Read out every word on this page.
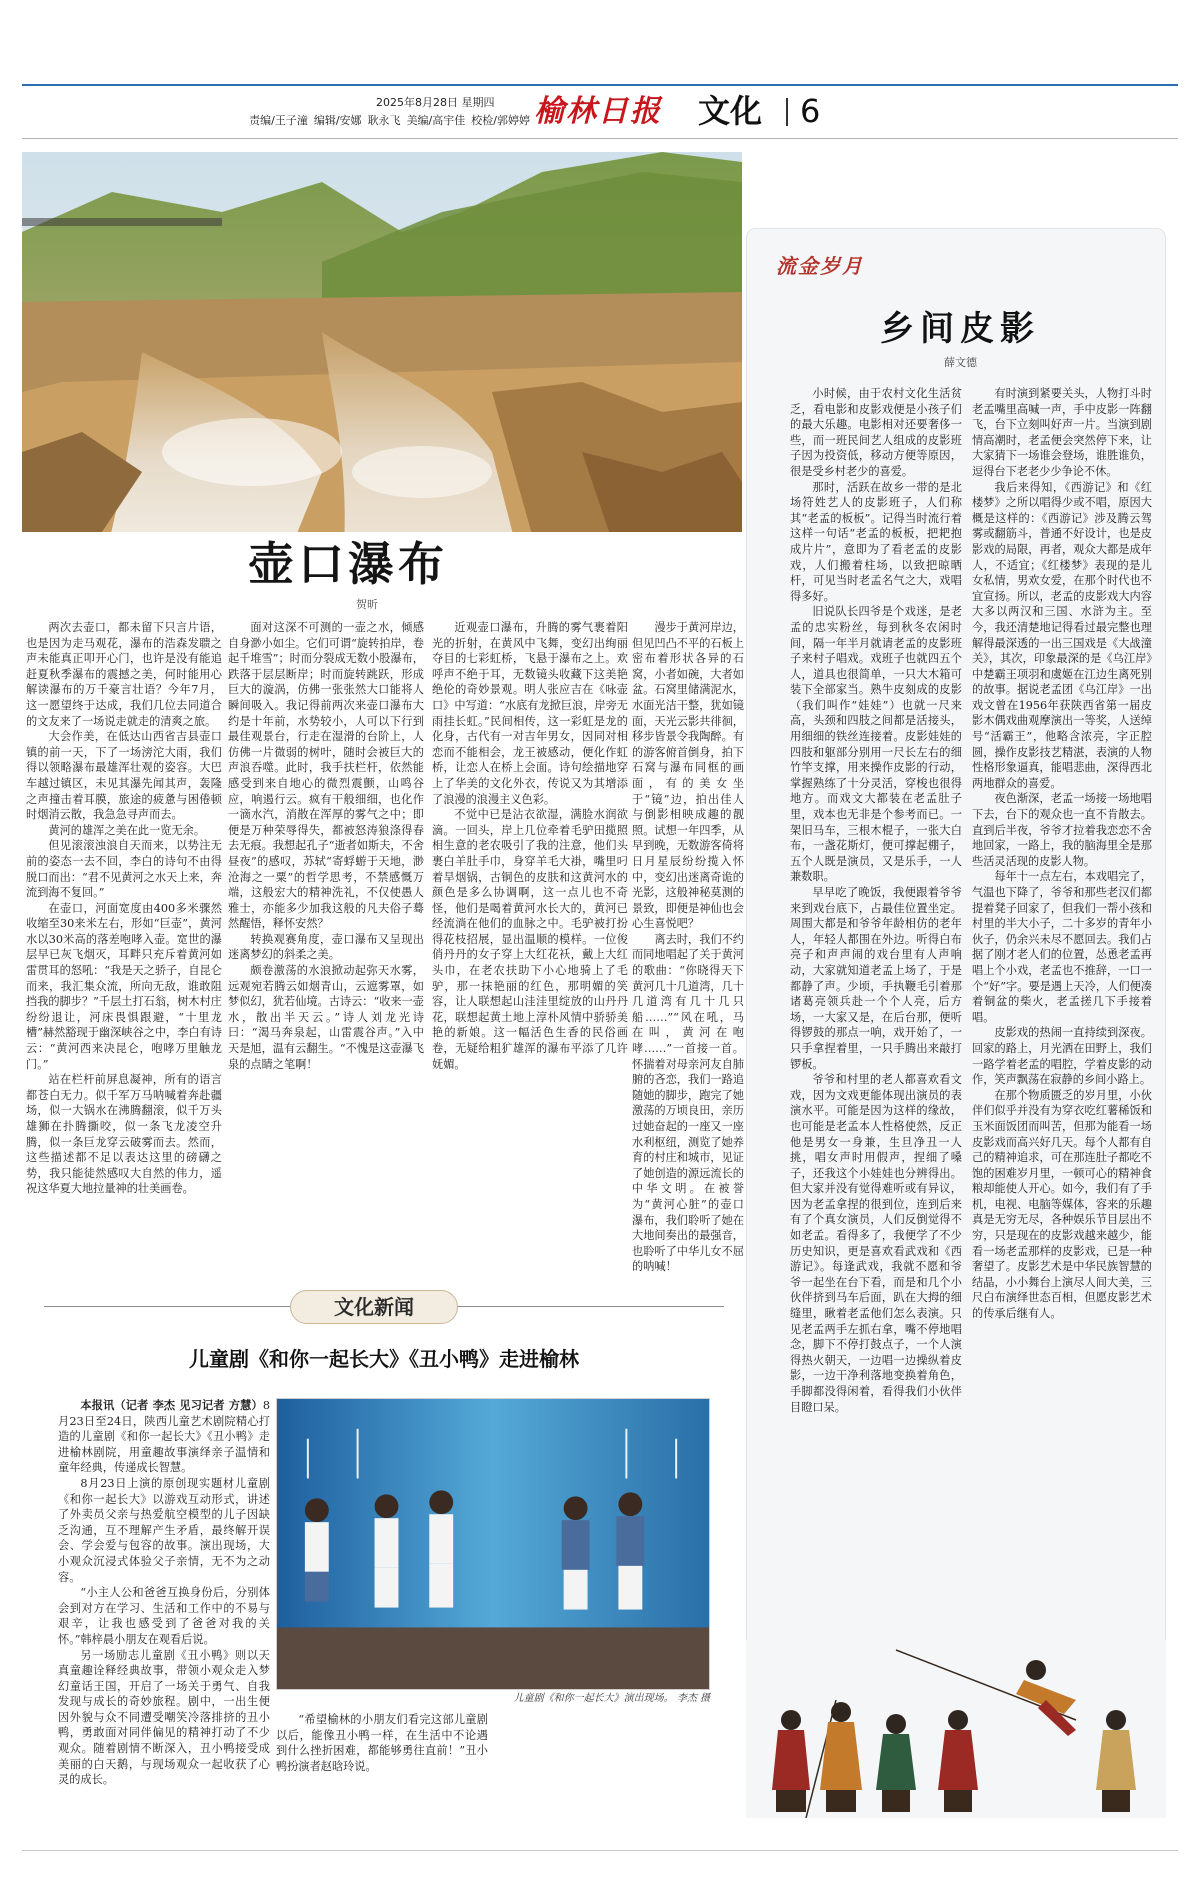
2025年8月28日 星期四
责编/王子潼 编辑/安娜 耿永飞 美编/高宇佳 校检/郭婷婷 榆林日报 文化 6
壶口瀑布
贺昕

两次去壶口，都未留下只言片语，也是因为走马观花，瀑布的浩森发聩之声未能真正叩开心门，也许是没有能追赶夏秋季瀑布的震撼之美，何时能用心解读瀑布的万千豪言壮语？今年7月，这一愿望终于达成，我们几位去同道合的文友来了一场说走就走的清爽之旅。

大会作美，在低达山西省吉县壶口镇的前一天，下了一场滂沱大雨，我们得以领略瀑布最雄浑壮观的姿容。大巴车越过镇区，未见其瀑先闻其声，轰隆之声撞击着耳膜，旅途的疲惫与困倦顿时烟消云散，我急急寻声而去。

黄河的雄浑之美在此一览无余。

但见滚滚浊浪自天而来，以势注无前的姿态一去不回，李白的诗句不由得脱口而出：“君不见黄河之水天上来，奔流到海不复回。”

在壶口，河面宽度由400多米骤然收缩至30来米左右，形如“巨壶”，黄河水以30米高的落差咆哮入壶。宽世的瀑层早已灰飞烟灭，耳畔只充斥着黄河如雷贯耳的怒吼：“我是天之骄子，自昆仑而来，我汇集众流，所向无敌，谁敢阻挡我的脚步？”千层土打石翁，树木村庄纷纷退让，河床畏惧跟避，“十里龙槽”赫然豁现于幽深峡谷之中，李白有诗云：“黄河西来决昆仑，咆哮万里触龙门。”

站在栏杆前屏息凝神，所有的语言都苍白无力。似千军万马呐喊着奔赴疆场，似一大锅水在沸腾翻滚，似千万头雄狮在扑腾撕咬，似一条飞龙凌空升腾，似一条巨龙穿云破雾而去。然而，这些描述都不足以表达这里的磅礴之势，我只能徒然感叹大自然的伟力，遥祝这华夏大地拉量神的壮美画卷。

面对这深不可测的一壶之水，倾感自身渺小如尘。它们可谓“旋转拍岸，卷起千堆雪”；时而分裂成无数小股瀑布，跌落于层层断岸；时而旋转跳跃，形成巨大的漩涡，仿佛一张张然大口能将人瞬间吸入。我记得前两次来壶口瀑布大约是十年前，水势较小，人可以下行到最佳观景台，行走在湿滑的台阶上，人仿佛一片微弱的树叶，随时会被巨大的声浪吞噬。此时，我手扶栏杆，依然能感受到来自地心的微烈震颤，山鸣谷应，响遏行云。疯有干般细细，也化作一滴水汽，消散在浑厚的雾气之中；即便是万种荣辱得失，都被怒涛狼涤得春去无痕。我想起孔子“逝者如斯夫，不舍昼夜”的感叹，苏轼“寄蜉蝣于天地，渺沧海之一粟”的哲学思考，不禁感慨万端，这般宏大的精神洗礼，不仅使愚人雅士，亦能多少加我这般的凡夫俗子蓦然醒悟，释怀安然？

转换观赛角度，壶口瀑布又呈现出迷离梦幻的斜柔之美。

颇卷激荡的水浪掀动起弥天水雾，远观宛若腾云如烟青山，云遮雾罩，如梦似幻，犹若仙境。古诗云：“收来一壶水，散出半天云。”诗人刘龙光诗曰：“渴马奔泉起，山雷震谷声。”入中天是旭，温有云翻生。“不愧是这壶瀑飞泉的点睛之笔啊！

近观壶口瀑布，升腾的雾气裹着阳光的折射，在黄风中飞舞，变幻出绚丽夺目的七彩虹桥，飞悬于瀑布之上。欢呼声不绝于耳，无数镜头收藏下这美艳绝伦的奇妙景观。明人张应吉在《咏壶口》中写道：“水底有龙掀巨浪，岸旁无雨挂长虹。”民间相传，这一彩虹是龙的化身，古代有一对吉年男女，因同对相恋而不能相会，龙王被感动，便化作虹桥，让恋人在桥上会面。诗句绘描地穿上了华美的文化外衣，传说又为其增添了浪漫的浪漫主义色彩。

不觉中已是沾衣欲湿，满脸水润欲滴。一回头，岸上几位牵着毛驴田揽照相生意的老农吸引了我的注意，他们头裹白羊肚手巾，身穿羊毛大褂，嘴里叼着旱烟锅，古铜色的皮肤和这黄河水的颜色是多么协调啊，这一点儿也不奇怪，他们是喝着黄河水长大的，黄河已经流淌在他们的血脉之中。毛驴被打扮得花枝招展，显出温顺的模样。一位俊俏丹丹的女子穿上大红花袄，戴上大红头巾，在老农扶助下小心地骑上了毛驴，那一抹艳丽的红色，那明媚的笑容，让人联想起山洼洼里绽放的山丹丹花，联想起黄土地上淳朴风情中骄骄美艳的新娘。这一幅活色生香的民俗画卷，无疑给粗犷雄浑的瀑布平添了几许妩媚。

漫步于黄河岸边，但见凹凸不平的石板上密布着形状各异的石窝，小者如碗，大者如盆。石窝里储满泥水，水面光洁干整，犹如镜面，天光云影共徘徊，移步皆景令我陶醉。有的游客俯首倒身，拍下石窝与瀑布同框的画面，有的美女坐于“镜”边，拍出佳人与倒影相映成趣的靓照。试想一年四季，从早到晚，无数游客倚将日月星辰纷纷揽入怀中，变幻出迷离奇诡的光影，这般神秘莫测的景致，即便是神仙也会心生喜悦吧？

离去时，我们不约而同地唱起了关于黄河的歌曲：“你晓得天下黄河几十几道湾，几十几道湾有几十几只船……”“风在吼，马在叫，黄河在咆哮……”一首接一首。怀揣着对母亲河友自肺腑的吝恋，我们一路追随她的脚步，跑完了她激荡的万顷良田，亲历过她奋起的一座又一座水利枢纽，测览了她养育的村庄和城市，见证了她创造的源远流长的中华文明。在被誉为“黄河心脏”的壶口瀑布，我们聆听了她在大地间奏出的最强音，也聆听了中华儿女不屈的呐喊！

文化新闻
儿童剧《和你一起长大》《丑小鸭》走进榆林

本报讯（记者 李杰 见习记者 方慧）8月23日至24日，陕西儿童艺术剧院精心打造的儿童剧《和你一起长大》《丑小鸭》走进榆林剧院，用童趣故事演绎亲子温情和童年经典，传递成长智慧。

8月23日上演的原创现实题材儿童剧《和你一起长大》以游戏互动形式，讲述了外卖员父亲与热爱航空模型的儿子因缺乏沟通，互不理解产生矛盾，最终解开误会、学会爱与包容的故事。演出现场，大小观众沉浸式体验父子亲情，无不为之动容。

“小主人公和爸爸互换身份后，分别体会到对方在学习、生活和工作中的不易与艰辛，让我也感受到了爸爸对我的关怀。”韩梓晨小朋友在观看后说。

另一场励志儿童剧《丑小鸭》则以天真童趣诠释经典故事，带领小观众走入梦幻童话王国，开启了一场关于勇气、自我发现与成长的奇妙旅程。剧中，一出生便因外貌与众不同遭受嘲笑冷落排挤的丑小鸭，勇敢面对同伴偏见的精神打动了不少观众。随着剧情不断深入，丑小鸭接受成美丽的白天鹅，与现场观众一起收获了心灵的成长。

儿童剧《和你一起长大》演出现场。 李杰 摄

“希望榆林的小朋友们看完这部儿童剧以后，能像丑小鸭一样，在生活中不论遇到什么挫折困难，都能够勇往直前！”丑小鸭扮演者赵晗玲说。

流金岁月
乡间皮影
薛文德

小时候，由于农村文化生活贫乏，看电影和皮影戏便是小孩子们的最大乐趣。电影相对还要奢侈一些，而一班民间艺人组成的皮影班子因为投资低，移动方便等原因，很是受乡村老少的喜爱。

那时，活跃在故乡一带的是北场符姓艺人的皮影班子，人们称其“老孟的板板”。记得当时流行着这样一句话“老孟的板板，把耙抱成片片”，意即为了看老孟的皮影戏，人们搬着柱场，以致把晾晒杆，可见当时老孟名气之大，戏唱得多好。

旧说队长四爷是个戏迷，是老孟的忠实粉丝，每到秋冬农闲时间，隔一年半月就请老孟的皮影班子来村子唱戏。戏班子也就四五个人，道具也很简单，一只大木箱可装下全部家当。熟牛皮刻成的皮影（我们叫作“娃娃”）也就一尺来高，头颈和四肢之间都是活接头，用细细的铁丝连接着。皮影娃娃的四肢和躯部分别用一尺长左右的细竹竿支撑，用来操作皮影的行动，掌握熟练了十分灵活，穿梭也很得地方。而戏文大都装在老孟肚子里，戏本也无非是个参考而已。一架旧马车，三根木棍子，一张大白布，一盏花斯灯，便可撑起棚子，五个人既是演员，又是乐手，一人兼数职。

早早吃了晚饭，我便跟着爷爷来到戏台底下，占最佳位置坐定。周围大都是和爷爷年龄相仿的老年人，年轻人都围在外边。听得白布亮子和声声闹的戏台里有人声响动，大家就知道老孟上场了，于是都静了声。少顷，手执鞭毛引着那诸葛亮领兵赴一个个人亮，后方场，一大家又是，在后台那，便听得锣鼓的那点一响，戏开始了，一只手拿捏着里，一只手腾出来敲打锣板。

爷爷和村里的老人都喜欢看文戏，因为文戏更能体现出演员的表演水平。可能是因为这样的缘故，也可能是老孟本人性格使然，反正他是男女一身兼，生旦净丑一人挑，唱女声时用假声，捏细了嗓子，还我这个小娃娃也分辨得出。但大家并没有觉得难听或有异议，因为老孟拿捏的很到位，连到后来有了个真女演员，人们反倒觉得不如老孟。看得多了，我便学了不少历史知识，更是喜欢看武戏和《西游记》。每逢武戏，我就不愿和爷爷一起坐在台下看，而是和几个小伙伴挤到马车后面，趴在大拇的细缝里，瞅着老孟他们怎么表演。只见老孟两手左抓右拿，嘴不停地唱念，脚下不停打鼓点子，一个人演得热火朝天，一边唱一边操纵着皮影，一边干净利落地变换着角色，手脚都没得闲着，看得我们小伙伴目瞪口呆。

有时演到紧要关头，人物打斗时老孟嘴里高喊一声，手中皮影一阵翻飞，台下立刻叫好声一片。当演到剧情高潮时，老孟便会突然停下来，让大家猜下一场谁会登场，谁胜谁负，逗得台下老老少少争论不休。

我后来得知，《西游记》和《红楼梦》之所以唱得少或不唱，原因大概是这样的：《西游记》涉及腾云驾雾或翻筋斗，普通不好设计，也是皮影戏的局限，再者，观众大都是成年人，不适宜；《红楼梦》表现的是儿女私情，男欢女爱，在那个时代也不宜宣扬。所以，老孟的皮影戏大内容大多以两汉和三国、水浒为主。至今，我还清楚地记得看过最完整也理解得最深透的一出三国戏是《大战潼关》，其次，印象最深的是《乌江岸》中楚霸王项羽和虞姬在江边生离死别的故事。据说老孟团《乌江岸》一出戏文曾在1956年获陕西省第一届皮影木偶戏曲观摩演出一等奖，人送绰号“活霸王”，他略含浓亮，字正腔圆，操作皮影技艺精湛，表演的人物性格形象逼真，能唱悲曲，深得西北两地群众的喜爱。

夜色渐深，老孟一场接一场地唱下去，台下的观众也一直不肯散去。直到后半夜，爷爷才拉着我恋恋不舍地回家，一路上，我的脑海里全是那些活灵活现的皮影人物。

每年十一点左右，本戏唱完了，气温也下降了，爷爷和那些老汉们都提着凳子回家了，但我们一帮小孩和村里的半大小子，二十多岁的青年小伙子，仍余兴未尽不愿回去。我们占据了刚才老人们的位置，怂恿老孟再唱上个小戏，老孟也不推辞，一口一个“好”字。要是遇上天冷，人们便凑着铜盆的柴火，老孟搓几下手接着唱。

皮影戏的热闹一直持续到深夜。回家的路上，月光洒在田野上，我们一路学着老孟的唱腔，学着皮影的动作，笑声飘荡在寂静的乡间小路上。

在那个物质匮乏的岁月里，小伙伴们似乎并没有为穿衣吃红薯稀饭和玉米面饭团而叫苦，但那为能看一场皮影戏而高兴好几天。每个人都有自己的精神追求，可在那连肚子都吃不饱的困难岁月里，一顿可心的精神食粮却能使人开心。如今，我们有了手机，电视、电脑等媒体，容来的乐趣真是无穷无尽，各种娱乐节目层出不穷，只是现在的皮影戏越来越少，能看一场老孟那样的皮影戏，已是一种奢望了。皮影艺术是中华民族智慧的结晶，小小舞台上演尽人间大美，三尺白布演绎世态百相，但愿皮影艺术的传承后继有人。
